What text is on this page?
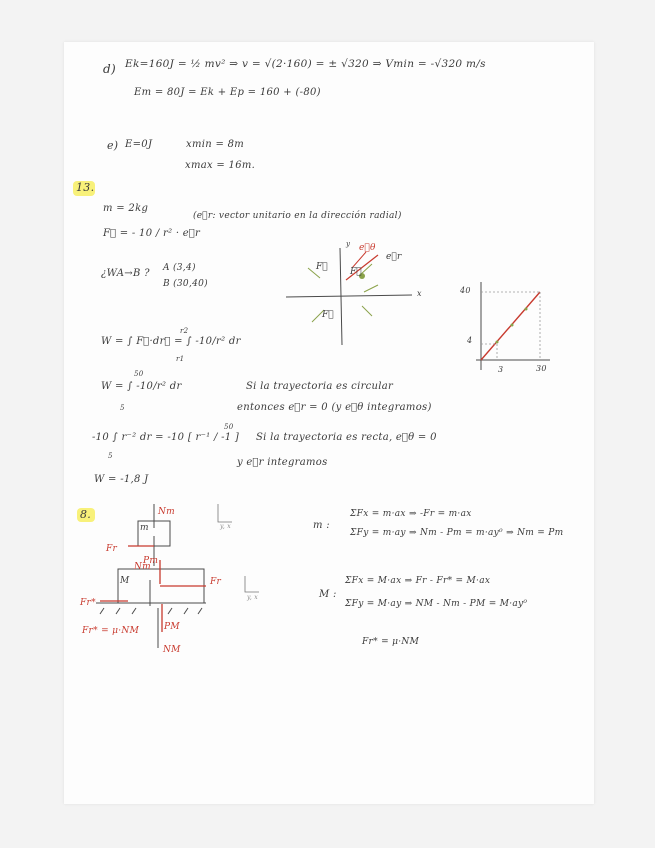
d) Ek=160J = ½ mv² ⇒ v = √(2·160) = ± √320 ⇒ Vmin = -√320 m/s
Em = 80J = Ek + Ep = 160 + (-80)
e) E=0J	xmin = 8m
xmax = 16m.
13.
m = 2kg
F⃗ = - 10 / r² · e⃗r
(e⃗r: vector unitario en la dirección radial)
¿WA→B ? A (3,4)
B (30,40)
W = ∫ F⃗·dr⃗ = ∫ -10/r² dr
r1
r2
W = ∫ -10/r² dr
5
50
-10 ∫ r⁻² dr = -10 [ r⁻¹ / -1 ]
5
50
W = -1,8 J
Si la trayectoria es circular
entonces e⃗r = 0 (y e⃗θ integramos)
Si la trayectoria es recta, e⃗θ = 0
y e⃗r integramos
e⃗θ
e⃗r
F⃗
F⃗
F⃗
x
y
40
4
3	30
8.
m
M
Nm
Fr
Pm
Nm
Fr
Fr*
PM
NM
Fr* = μ·NM
y, x
y, x
m :
ΣFx = m·ax ⇒ -Fr = m·ax
ΣFy = m·ay ⇒ Nm - Pm = m·ay⁰ ⇒ Nm = Pm
M :
ΣFx = M·ax ⇒ Fr - Fr* = M·ax
ΣFy = M·ay ⇒ NM - Nm - PM = M·ay⁰
Fr* = μ·NM
